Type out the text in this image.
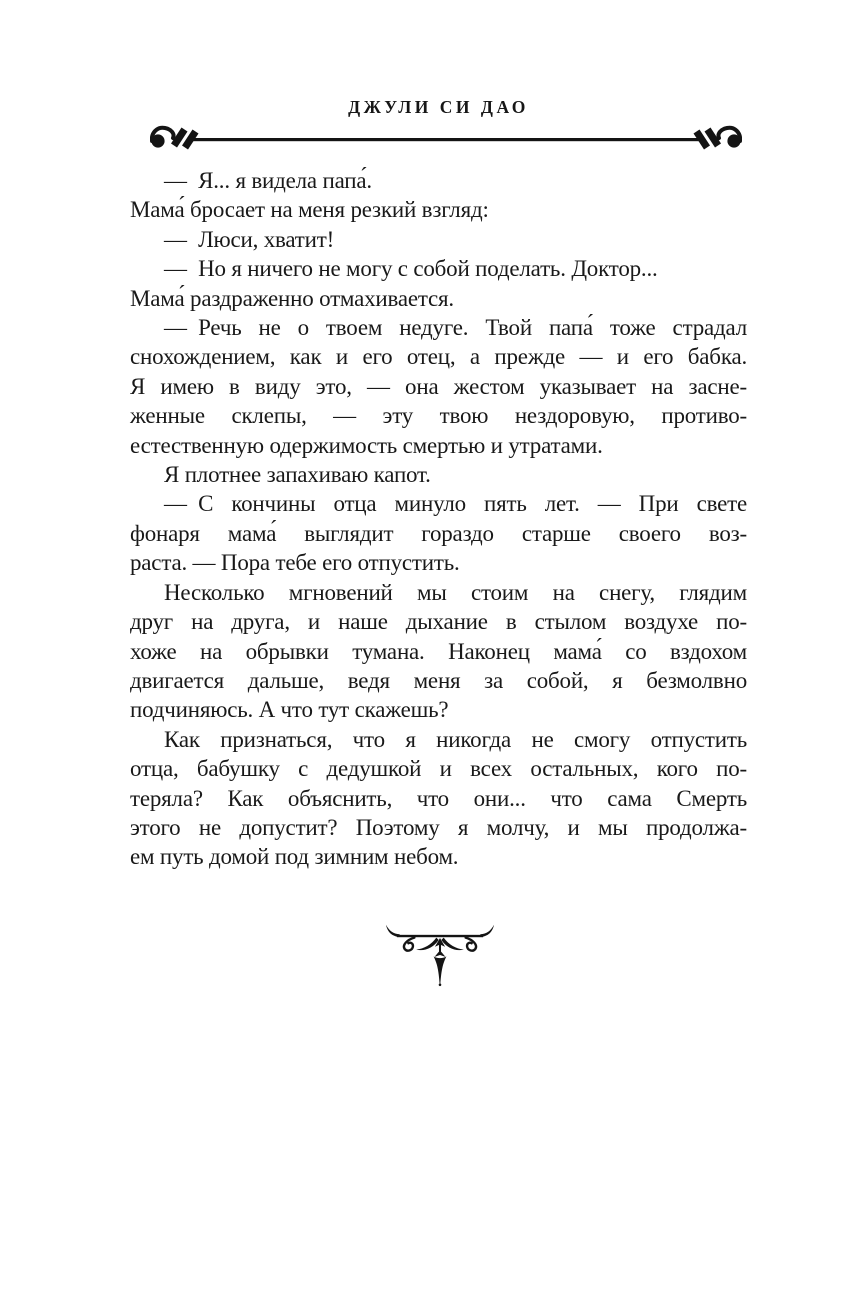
ДЖУЛИ СИ ДАО
— Я... я видела папа́.
Мама́ бросает на меня резкий взгляд:
— Люси, хватит!
— Но я ничего не могу с собой поделать. Доктор...
Мама́ раздраженно отмахивается.
— Речь не о твоем недуге. Твой папа́ тоже страдал
снохождением, как и его отец, а прежде — и его бабка.
Я имею в виду это, — она жестом указывает на засне-
женные склепы, — эту твою нездоровую, противо-
естественную одержимость смертью и утратами.
Я плотнее запахиваю капот.
— С кончины отца минуло пять лет. — При свете
фонаря мама́ выглядит гораздо старше своего воз-
раста. — Пора тебе его отпустить.
Несколько мгновений мы стоим на снегу, глядим
друг на друга, и наше дыхание в стылом воздухе по-
хоже на обрывки тумана. Наконец мама́ со вздохом
двигается дальше, ведя меня за собой, я безмолвно
подчиняюсь. А что тут скажешь?
Как признаться, что я никогда не смогу отпустить
отца, бабушку с дедушкой и всех остальных, кого по-
теряла? Как объяснить, что они... что сама Смерть
этого не допустит? Поэтому я молчу, и мы продолжа-
ем путь домой под зимним небом.
